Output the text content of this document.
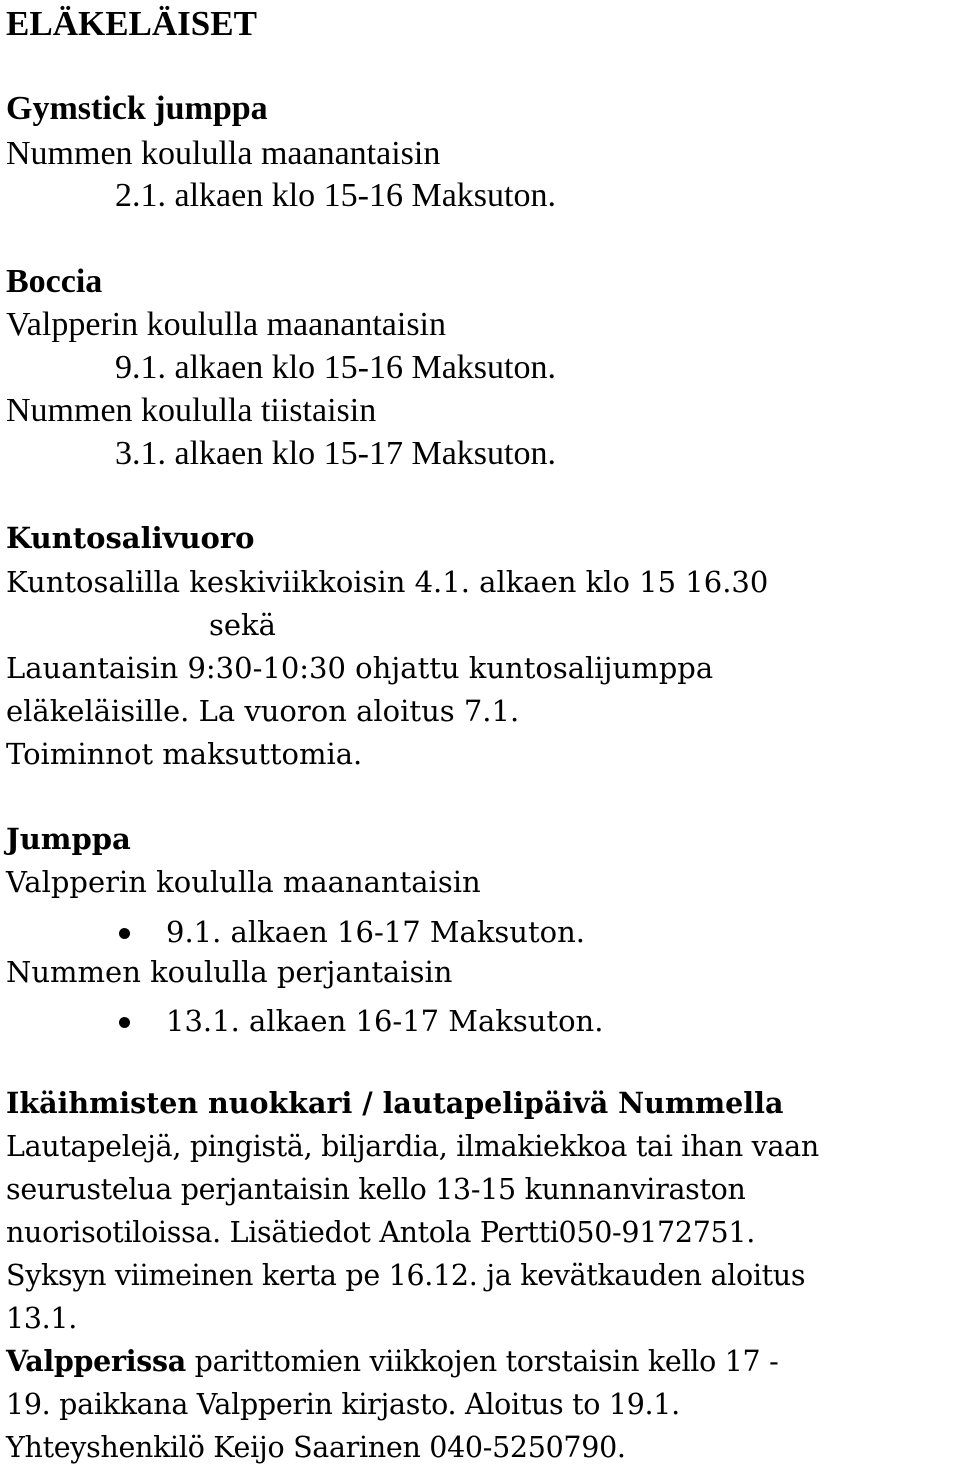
ELÄKELÄISET
Gymstick jumppa
Nummen koululla maanantaisin
2.1. alkaen klo 15-16 Maksuton.
Boccia
Valpperin koululla maanantaisin
9.1. alkaen klo 15-16 Maksuton.
Nummen koululla tiistaisin
3.1. alkaen klo 15-17 Maksuton.
Kuntosalivuoro
Kuntosalilla keskiviikkoisin 4.1. alkaen klo 15 16.30
sekä
Lauantaisin 9:30-10:30 ohjattu kuntosalijumppa
eläkeläisille. La vuoron aloitus 7.1.
Toiminnot maksuttomia.
Jumppa
Valpperin koululla maanantaisin
9.1. alkaen 16-17 Maksuton.
Nummen koululla perjantaisin
13.1. alkaen 16-17 Maksuton.
Ikäihmisten nuokkari / lautapelipäivä Nummella
Lautapelejä, pingistä, biljardia, ilmakiekkoa tai ihan vaan
seurustelua perjantaisin kello 13-15 kunnanviraston
nuorisotiloissa. Lisätiedot Antola Pertti050-9172751.
Syksyn viimeinen kerta pe 16.12. ja kevätkauden aloitus
13.1.
Valpperissa parittomien viikkojen torstaisin kello 17 -
19. paikkana Valpperin kirjasto. Aloitus to 19.1.
Yhteyshenkilö Keijo Saarinen 040-5250790.
